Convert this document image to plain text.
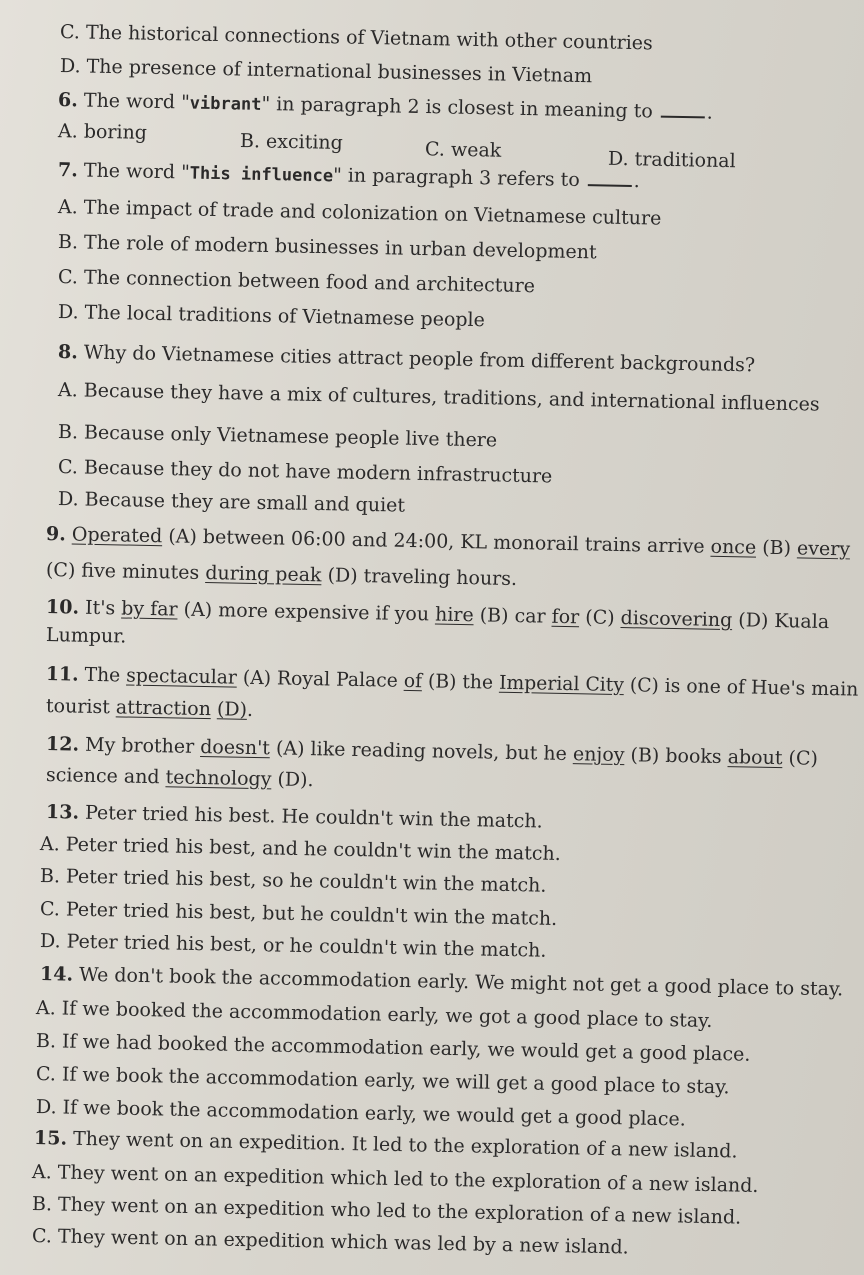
C. The historical connections of Vietnam with other countries
D. The presence of international businesses in Vietnam
6. The word "vibrant" in paragraph 2 is closest in meaning to	.
A. boring	B. exciting	C. weak	D. traditional
7. The word "This influence" in paragraph 3 refers to	.
A. The impact of trade and colonization on Vietnamese culture
B. The role of modern businesses in urban development
C. The connection between food and architecture
D. The local traditions of Vietnamese people
8. Why do Vietnamese cities attract people from different backgrounds?
A. Because they have a mix of cultures, traditions, and international influences
B. Because only Vietnamese people live there
C. Because they do not have modern infrastructure
D. Because they are small and quiet
9. Operated (A) between 06:00 and 24:00, KL monorail trains arrive once (B) every
(C) five minutes during peak (D) traveling hours.
10. It's by far (A) more expensive if you hire (B) car for (C) discovering (D) Kuala
Lumpur.
11. The spectacular (A) Royal Palace of (B) the Imperial City (C) is one of Hue's main
tourist attraction (D).
12. My brother doesn't (A) like reading novels, but he enjoy (B) books about (C)
science and technology (D).
13. Peter tried his best. He couldn't win the match.
A. Peter tried his best, and he couldn't win the match.
B. Peter tried his best, so he couldn't win the match.
C. Peter tried his best, but he couldn't win the match.
D. Peter tried his best, or he couldn't win the match.
14. We don't book the accommodation early. We might not get a good place to stay.
A. If we booked the accommodation early, we got a good place to stay.
B. If we had booked the accommodation early, we would get a good place.
C. If we book the accommodation early, we will get a good place to stay.
D. If we book the accommodation early, we would get a good place.
15. They went on an expedition. It led to the exploration of a new island.
A. They went on an expedition which led to the exploration of a new island.
B. They went on an expedition who led to the exploration of a new island.
C. They went on an expedition which was led by a new island.
